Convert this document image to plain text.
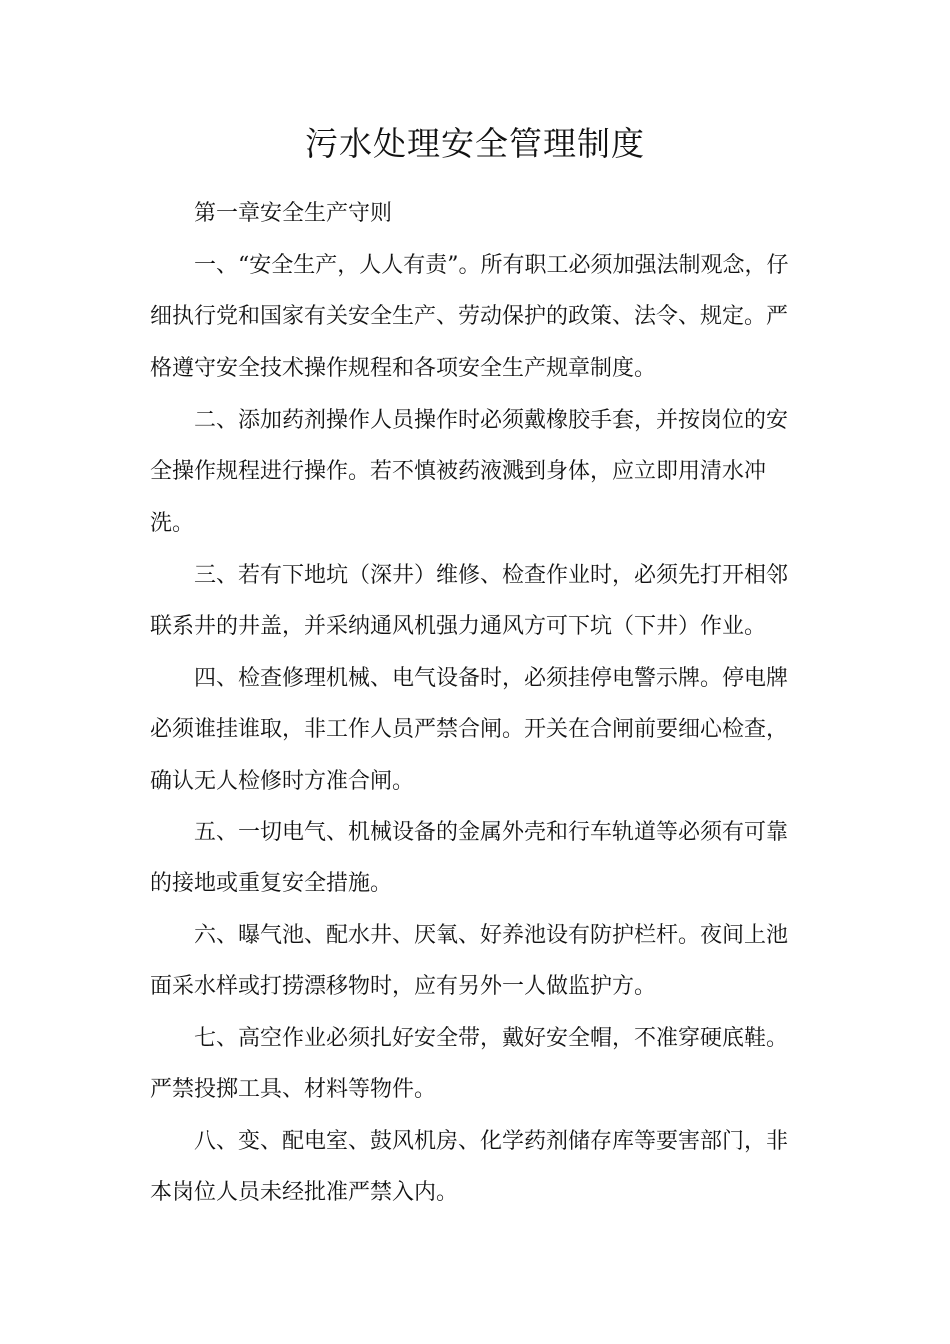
污水处理安全管理制度
第一章安全生产守则
一、“安全生产，人人有责”。所有职工必须加强法制观念，仔
细执行党和国家有关安全生产、劳动保护的政策、法令、规定。严
格遵守安全技术操作规程和各项安全生产规章制度。
二、添加药剂操作人员操作时必须戴橡胶手套，并按岗位的安
全操作规程进行操作。若不慎被药液溅到身体，应立即用清水冲
洗。
三、若有下地坑（深井）维修、检查作业时，必须先打开相邻
联系井的井盖，并采纳通风机强力通风方可下坑（下井）作业。
四、检查修理机械、电气设备时，必须挂停电警示牌。停电牌
必须谁挂谁取，非工作人员严禁合闸。开关在合闸前要细心检查，
确认无人检修时方准合闸。
五、一切电气、机械设备的金属外壳和行车轨道等必须有可靠
的接地或重复安全措施。
六、曝气池、配水井、厌氧、好养池设有防护栏杆。夜间上池
面采水样或打捞漂移物时，应有另外一人做监护方。
七、高空作业必须扎好安全带，戴好安全帽，不准穿硬底鞋。
严禁投掷工具、材料等物件。
八、变、配电室、鼓风机房、化学药剂储存库等要害部门，非
本岗位人员未经批准严禁入内。
